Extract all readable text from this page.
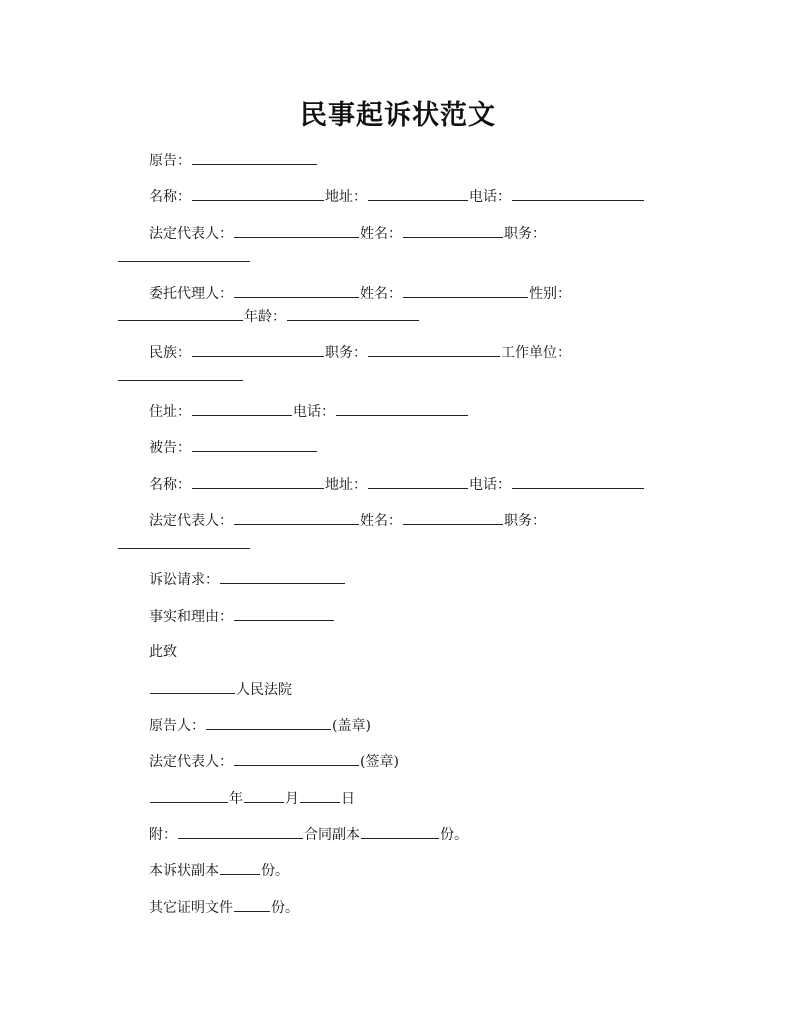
民事起诉状范文
原告：
名称：	地址：	电话：
法定代表人：	姓名：	职务：
委托代理人：	姓名：	性别：
年龄：
民族：	职务：	工作单位：
住址：	电话：
被告：
名称：	地址：	电话：
法定代表人：	姓名：	职务：
诉讼请求：
事实和理由：
此致
人民法院
原告人：	(盖章)
法定代表人：	(签章)
年	月	日
附：	合同副本	份。
本诉状副本	份。
其它证明文件	份。
